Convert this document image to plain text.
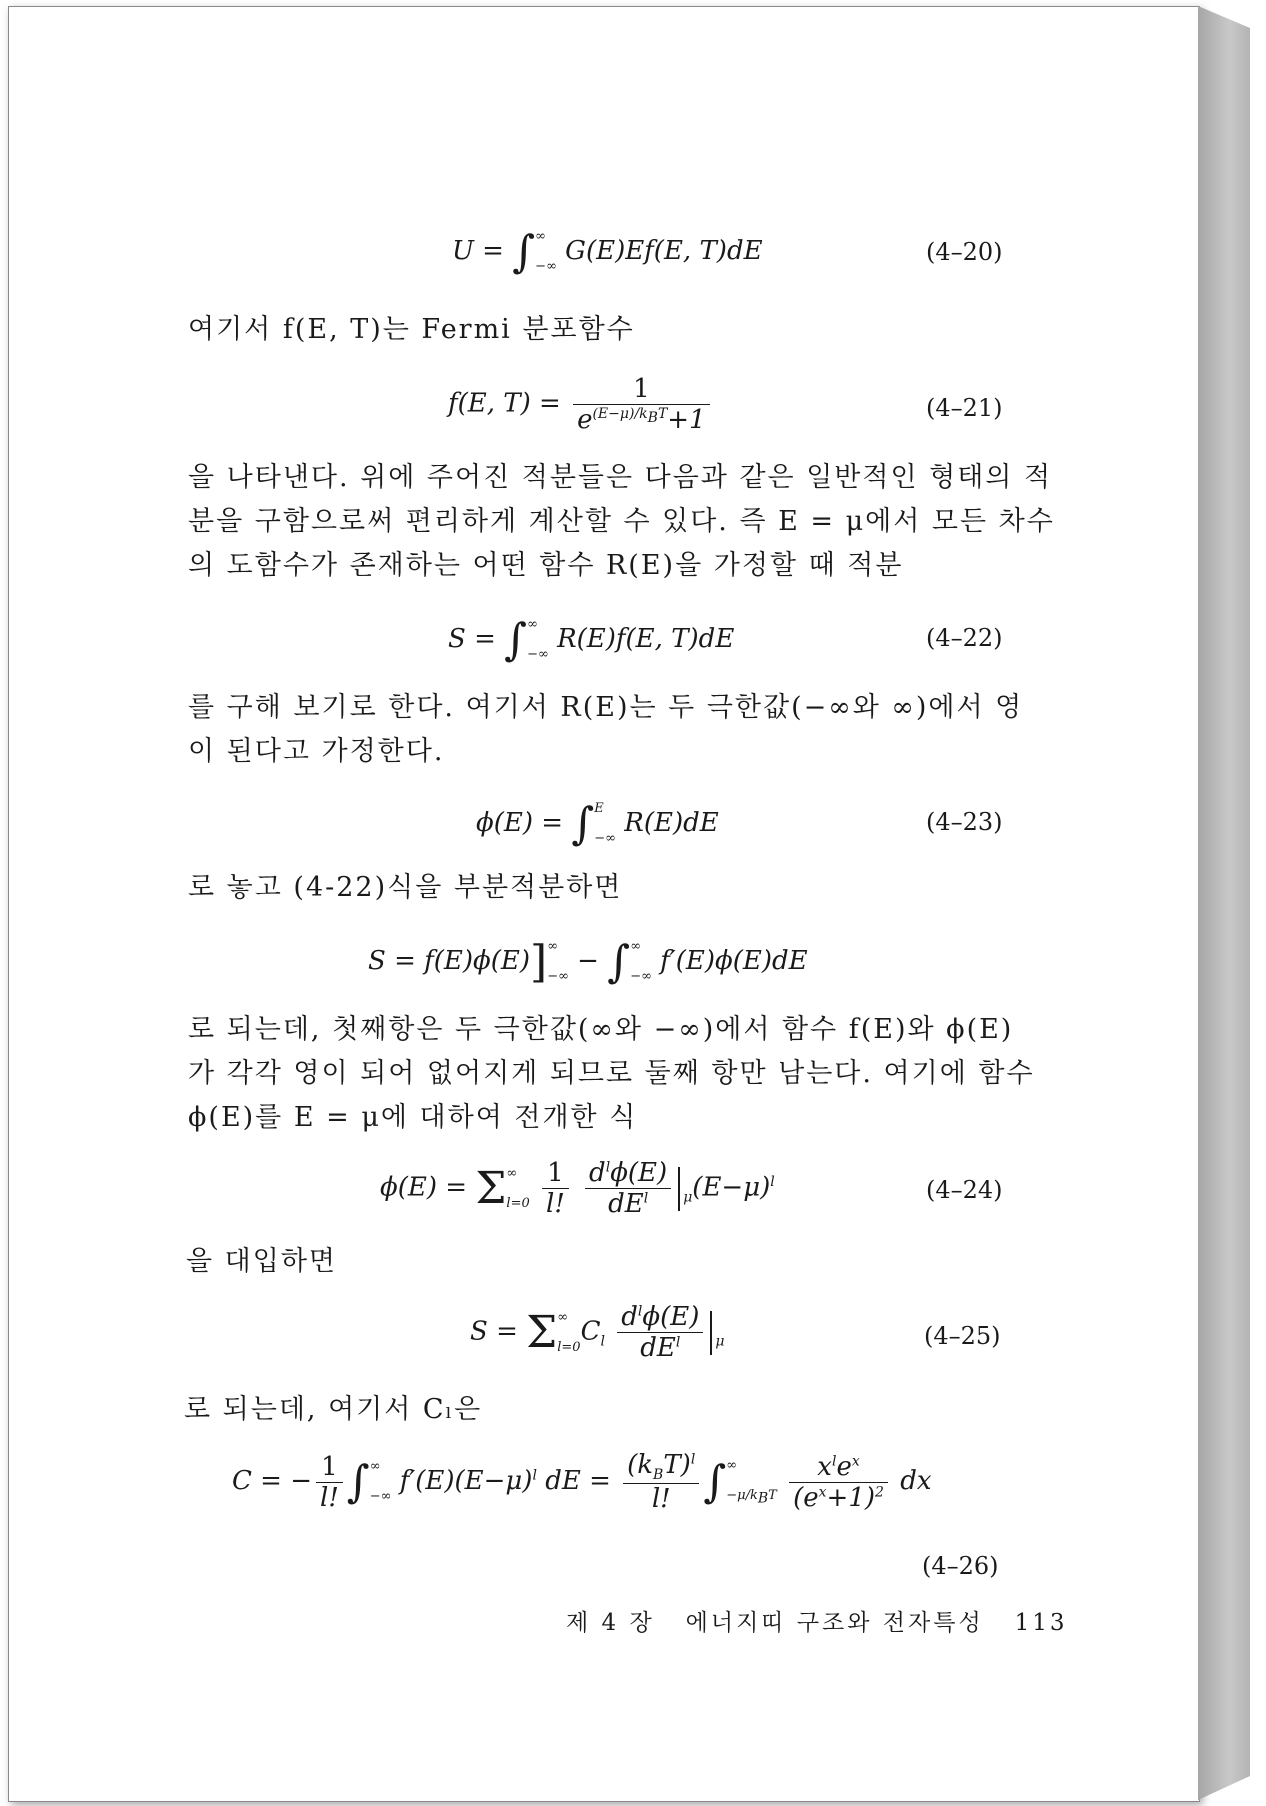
U = ∫∞
−∞ G(E)Ef(E, T)dE	(4–20)
여기서 f(E, T)는 Fermi 분포함수
f(E, $T) = \frac{1}{e^{(E-\mu)/k_BT}+1}$	(4–21)
을 나타낸다. 위에 주어진 적분들은 다음과 같은 일반적인 형태의 적
분을 구함으로써 편리하게 계산할 수 있다. 즉 E = μ에서 모든 차수
의 도함수가 존재하는 어떤 함수 R(E)을 가정할 때 적분
S = ∫∞
−∞ R(E)f(E, T)dE	(4–22)
를 구해 보기로 한다. 여기서 R(E)는 두 극한값(−∞와 ∞)에서 영
이 된다고 가정한다.
ϕ(E) = ∫E
−∞ R(E)dE	(4–23)
로 놓고 (4-22)식을 부분적분하면
S = f(E)ϕ(E)]∞
−∞ − ∫∞
−∞ f′(E)ϕ(E)dE
로 되는데, 첫째항은 두 극한값(∞와 −∞)에서 함수 f(E)와 ϕ(E)
가 각각 영이 되어 없어지게 되므로 둘째 항만 남는다. 여기에 함수
ϕ(E)를 E = μ에 대하여 전개한 식
ϕ(E) = Σ∞
$l=0 \frac{1}{l!}$
$\frac{d^l\phi(E)}{dE^l} _\mu(E-\mu)^l$	(4–24)
을 대입하면
S = Σ∞
$l=0C_l \frac{d^l\phi(E)}{dE^l} _\mu$	(4–25)
로 되는데, 여기서 Cₗ은
C = − $\frac{1}{l!}$ ∫∞
−∞ $f'(E)(E-\mu)^l$ dE = $\frac{(k_BT)^l}{l!}$ ∫∞
$-\mu/k_BT \frac{x^le^x}{(e^x+1)^2}$ dx
(4–26)
제 4 장 에너지띠 구조와 전자특성 113
